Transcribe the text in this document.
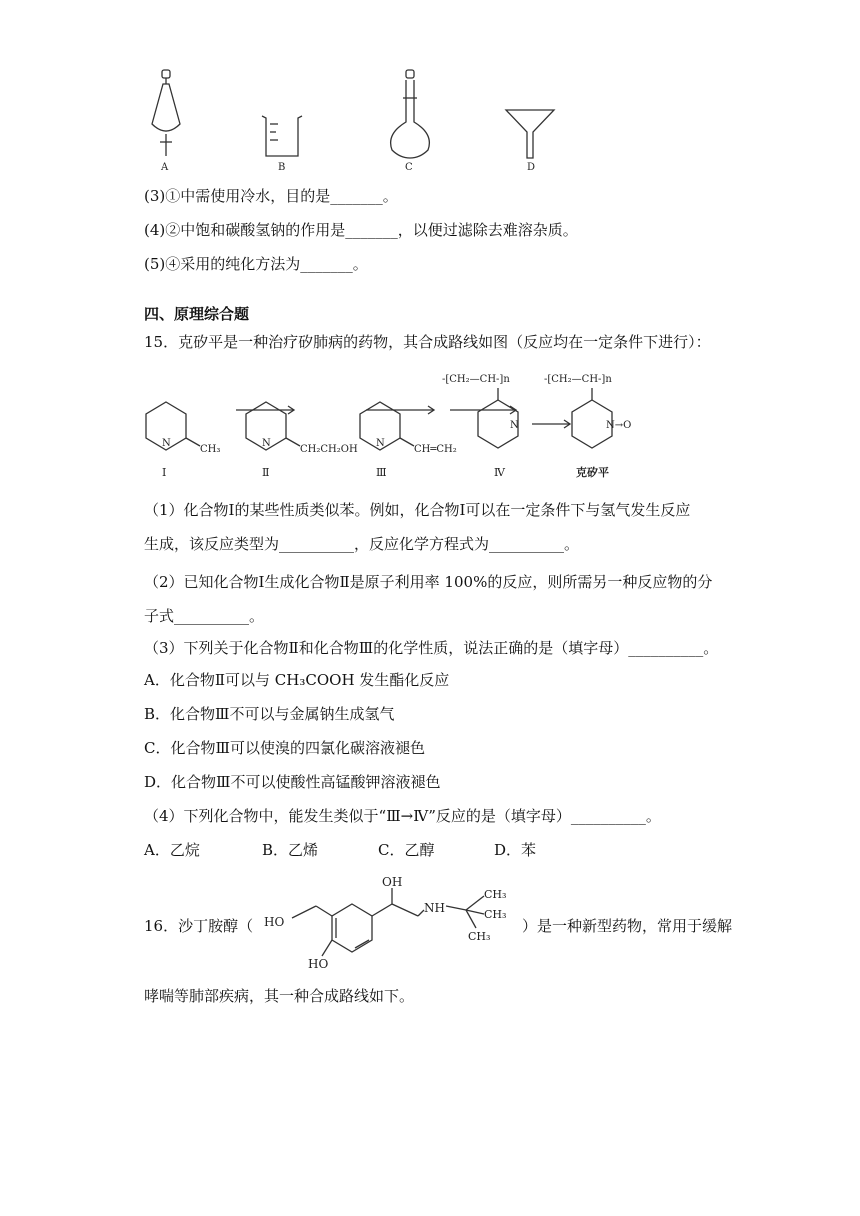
A	B	C	D
(3)①中需使用冷水，目的是_______。
(4)②中饱和碳酸氢钠的作用是_______，以便过滤除去难溶杂质。
(5)④采用的纯化方法为_______。
四、原理综合题
15．克矽平是一种治疗矽肺病的药物，其合成路线如图（反应均在一定条件下进行）：
N
CH₃
N
CH₂CH₂OH
N
CH═CH₂
-[CH₂—CH-]n
N
-[CH₂—CH-]n
N→O
I	Ⅱ	Ⅲ	Ⅳ	克矽平
（1）化合物Ⅰ的某些性质类似苯。例如，化合物Ⅰ可以在一定条件下与氢气发生反应
生成，该反应类型为__________，反应化学方程式为__________。
（2）已知化合物Ⅰ生成化合物Ⅱ是原子利用率 100%的反应，则所需另一种反应物的分
子式__________。
（3）下列关于化合物Ⅱ和化合物Ⅲ的化学性质，说法正确的是（填字母）__________。
A．化合物Ⅱ可以与 CH₃COOH 发生酯化反应
B．化合物Ⅲ不可以与金属钠生成氢气
C．化合物Ⅲ可以使溴的四氯化碳溶液褪色
D．化合物Ⅲ不可以使酸性高锰酸钾溶液褪色
（4）下列化合物中，能发生类似于“Ⅲ→Ⅳ”反应的是（填字母）__________。
A．乙烷	B．乙烯	C．乙醇	D．苯
16．沙丁胺醇（
OH
HO
HO
NH
CH₃
CH₃
CH₃
）是一种新型药物，常用于缓解
哮喘等肺部疾病，其一种合成路线如下。
